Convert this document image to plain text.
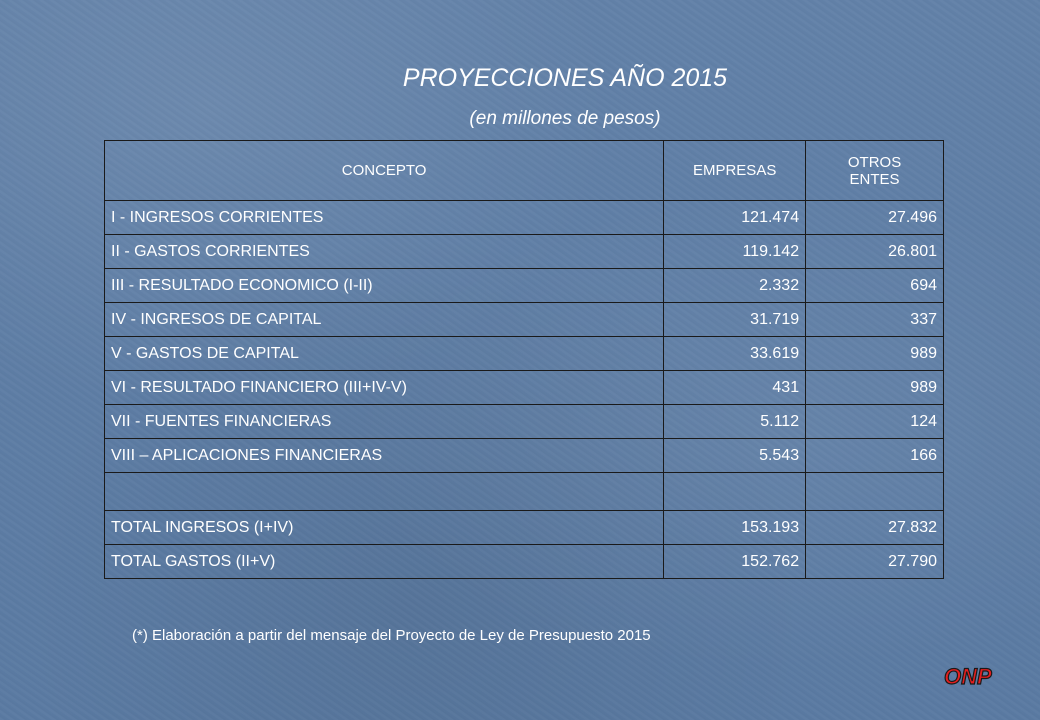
PROYECCIONES AÑO 2015
(en millones de pesos)
CONCEPTO	EMPRESAS	OTROS
ENTES
I - INGRESOS CORRIENTES	121.474	27.496
II - GASTOS CORRIENTES	119.142	26.801
III - RESULTADO ECONOMICO (I-II)	2.332	694
IV - INGRESOS DE CAPITAL	31.719	337
V - GASTOS DE CAPITAL	33.619	989
VI - RESULTADO FINANCIERO (III+IV-V)	431	989
VII - FUENTES FINANCIERAS	5.112	124
VIII – APLICACIONES FINANCIERAS	5.543	166

TOTAL INGRESOS (I+IV)	153.193	27.832
TOTAL GASTOS (II+V)	152.762	27.790
(*) Elaboración a partir del mensaje del Proyecto de Ley de Presupuesto 2015
ONP
